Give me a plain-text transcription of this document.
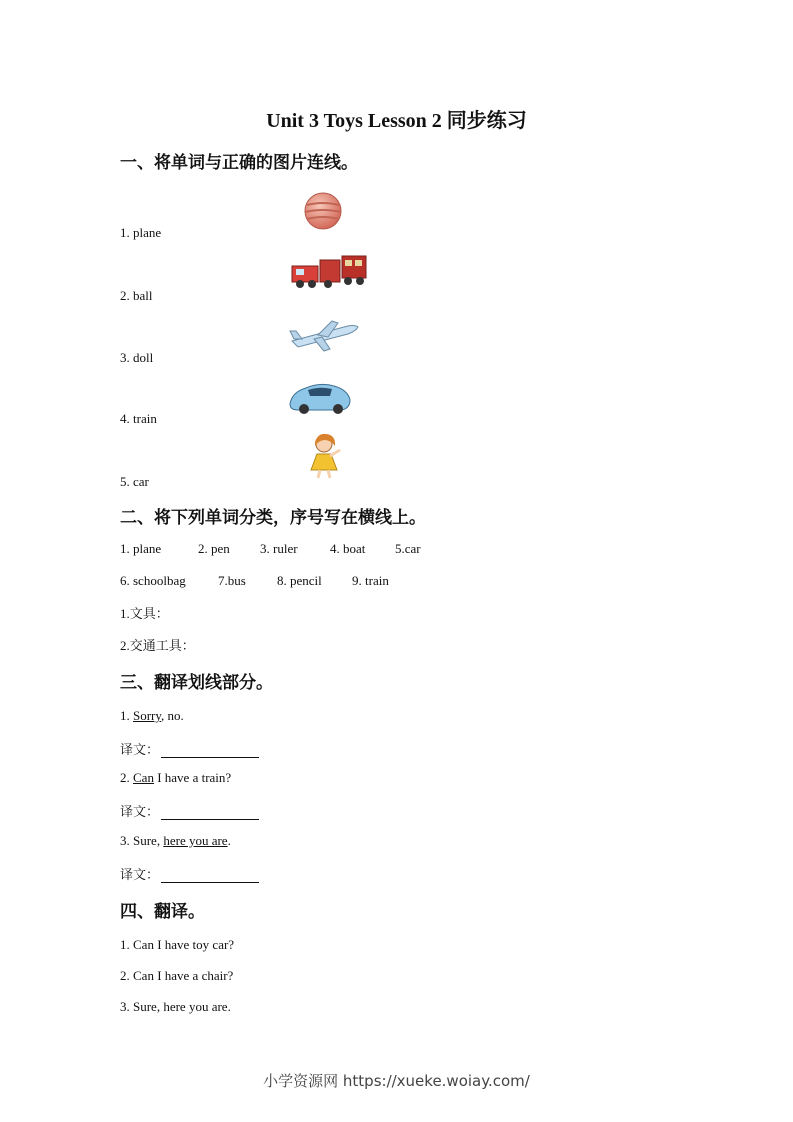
Unit 3 Toys Lesson 2 同步练习
一、将单词与正确的图片连线。
1. plane
2. ball
3. doll
4. train
5. car
二、将下列单词分类，序号写在横线上。
1. plane	2. pen 3. ruler 4. boat 5.car
6. schoolbag 7.bus 8. pencil 9. train
1.文具：
2.交通工具：
三、翻译划线部分。
1. Sorry, no.
译文：
2. Can I have a train?
译文：
3. Sure, here you are.
译文：
四、翻译。
1. Can I have toy car?
2. Can I have a chair?
3. Sure, here you are.
小学资源网 https://xueke.woiay.com/
